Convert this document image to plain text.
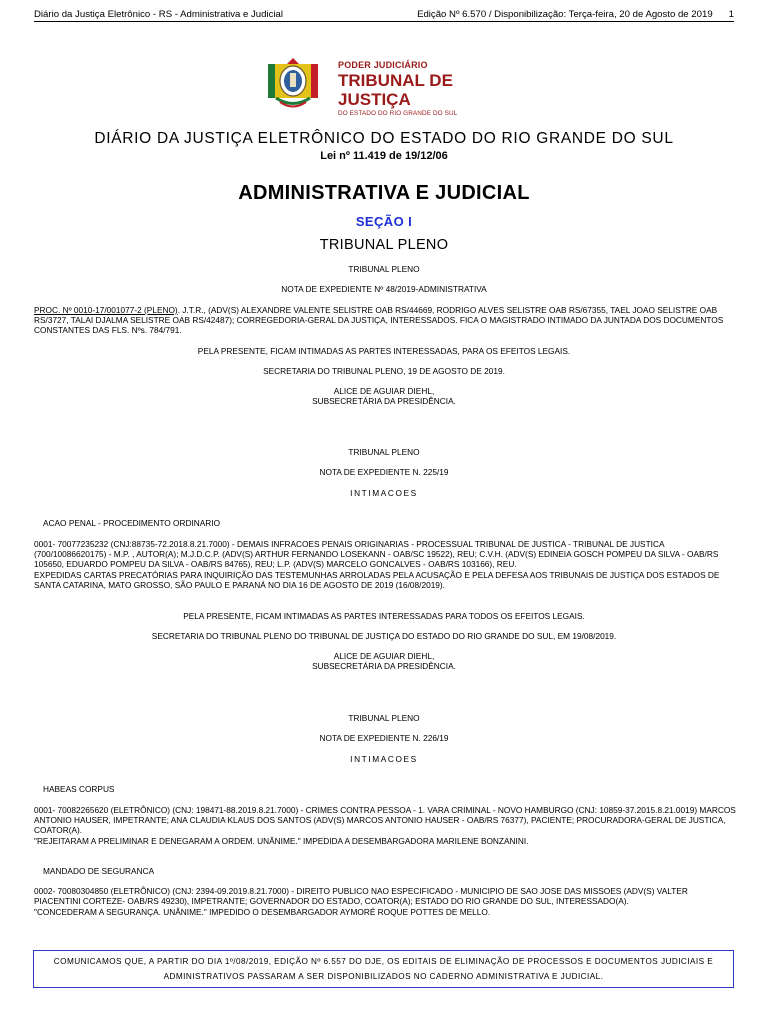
Diário da Justiça Eletrônico - RS - Administrativa e Judicial	Edição Nº 6.570 / Disponibilização: Terça-feira, 20 de Agosto de 2019 1
PODER JUDICIÁRIO
TRIBUNAL DE JUSTIÇA
DO ESTADO DO RIO GRANDE DO SUL
DIÁRIO DA JUSTIÇA ELETRÔNICO DO ESTADO DO RIO GRANDE DO SUL
Lei nº 11.419 de 19/12/06
ADMINISTRATIVA E JUDICIAL
SEÇÃO I
TRIBUNAL PLENO
TRIBUNAL PLENO
NOTA DE EXPEDIENTE Nº 48/2019-ADMINISTRATIVA
PROC. Nº 0010-17/001077-2 (PLENO). J.T.R., (ADV(S) ALEXANDRE VALENTE SELISTRE OAB RS/44669, RODRIGO ALVES SELISTRE OAB RS/67355, TAEL JOAO SELISTRE OAB RS/3727, TALAI DJALMA SELISTRE OAB RS/42487); CORREGEDORIA-GERAL DA JUSTIÇA, INTERESSADOS. FICA O MAGISTRADO INTIMADO DA JUNTADA DOS DOCUMENTOS CONSTANTES DAS FLS. Nºs. 784/791.
PELA PRESENTE, FICAM INTIMADAS AS PARTES INTERESSADAS, PARA OS EFEITOS LEGAIS.
SECRETARIA DO TRIBUNAL PLENO, 19 DE AGOSTO DE 2019.
ALICE DE AGUIAR DIEHL,
SUBSECRETÁRIA DA PRESIDÊNCIA.
TRIBUNAL PLENO
NOTA DE EXPEDIENTE N. 225/19
INTIMACOES
ACAO PENAL - PROCEDIMENTO ORDINARIO
0001- 70077235232 (CNJ:88735-72.2018.8.21.7000) - DEMAIS INFRACOES PENAIS ORIGINARIAS - PROCESSUAL TRIBUNAL DE JUSTICA - TRIBUNAL DE JUSTICA (700/10086620175) - M.P. , AUTOR(A); M.J.D.C.P. (ADV(S) ARTHUR FERNANDO LOSEKANN - OAB/SC 19522), REU; C.V.H. (ADV(S) EDINEIA GOSCH POMPEU DA SILVA - OAB/RS 105650, EDUARDO POMPEU DA SILVA - OAB/RS 84765), REU; L.P. (ADV(S) MARCELO GONCALVES - OAB/RS 103166), REU.
EXPEDIDAS CARTAS PRECATÓRIAS PARA INQUIRIÇÃO DAS TESTEMUNHAS ARROLADAS PELA ACUSAÇÃO E PELA DEFESA AOS TRIBUNAIS DE JUSTIÇA DOS ESTADOS DE SANTA CATARINA, MATO GROSSO, SÃO PAULO E PARANÁ NO DIA 16 DE AGOSTO DE 2019 (16/08/2019).
PELA PRESENTE, FICAM INTIMADAS AS PARTES INTERESSADAS PARA TODOS OS EFEITOS LEGAIS.
SECRETARIA DO TRIBUNAL PLENO DO TRIBUNAL DE JUSTIÇA DO ESTADO DO RIO GRANDE DO SUL, EM 19/08/2019.
ALICE DE AGUIAR DIEHL,
SUBSECRETÁRIA DA PRESIDÊNCIA.
TRIBUNAL PLENO
NOTA DE EXPEDIENTE N. 226/19
INTIMACOES
HABEAS CORPUS
0001- 70082265620 (ELETRÔNICO) (CNJ: 198471-88.2019.8.21.7000) - CRIMES CONTRA PESSOA - 1. VARA CRIMINAL - NOVO HAMBURGO (CNJ: 10859-37.2015.8.21.0019) MARCOS ANTONIO HAUSER, IMPETRANTE; ANA CLAUDIA KLAUS DOS SANTOS (ADV(S) MARCOS ANTONIO HAUSER - OAB/RS 76377), PACIENTE; PROCURADORA-GERAL DE JUSTICA, COATOR(A).
"REJEITARAM A PRELIMINAR E DENEGARAM A ORDEM. UNÂNIME." IMPEDIDA A DESEMBARGADORA MARILENE BONZANINI.
MANDADO DE SEGURANCA
0002- 70080304850 (ELETRÔNICO) (CNJ: 2394-09.2019.8.21.7000) - DIREITO PUBLICO NAO ESPECIFICADO - MUNICIPIO DE SAO JOSE DAS MISSOES (ADV(S) VALTER PIACENTINI CORTEZE- OAB/RS 49230), IMPETRANTE; GOVERNADOR DO ESTADO, COATOR(A); ESTADO DO RIO GRANDE DO SUL, INTERESSADO(A).
"CONCEDERAM A SEGURANÇA. UNÂNIME." IMPEDIDO O DESEMBARGADOR AYMORÉ ROQUE POTTES DE MELLO.
COMUNICAMOS QUE, A PARTIR DO DIA 1º/08/2019, EDIÇÃO Nº 6.557 DO DJE, OS EDITAIS DE ELIMINAÇÃO DE PROCESSOS E DOCUMENTOS JUDICIAIS E
ADMINISTRATIVOS PASSARAM A SER DISPONIBILIZADOS NO CADERNO ADMINISTRATIVA E JUDICIAL.
